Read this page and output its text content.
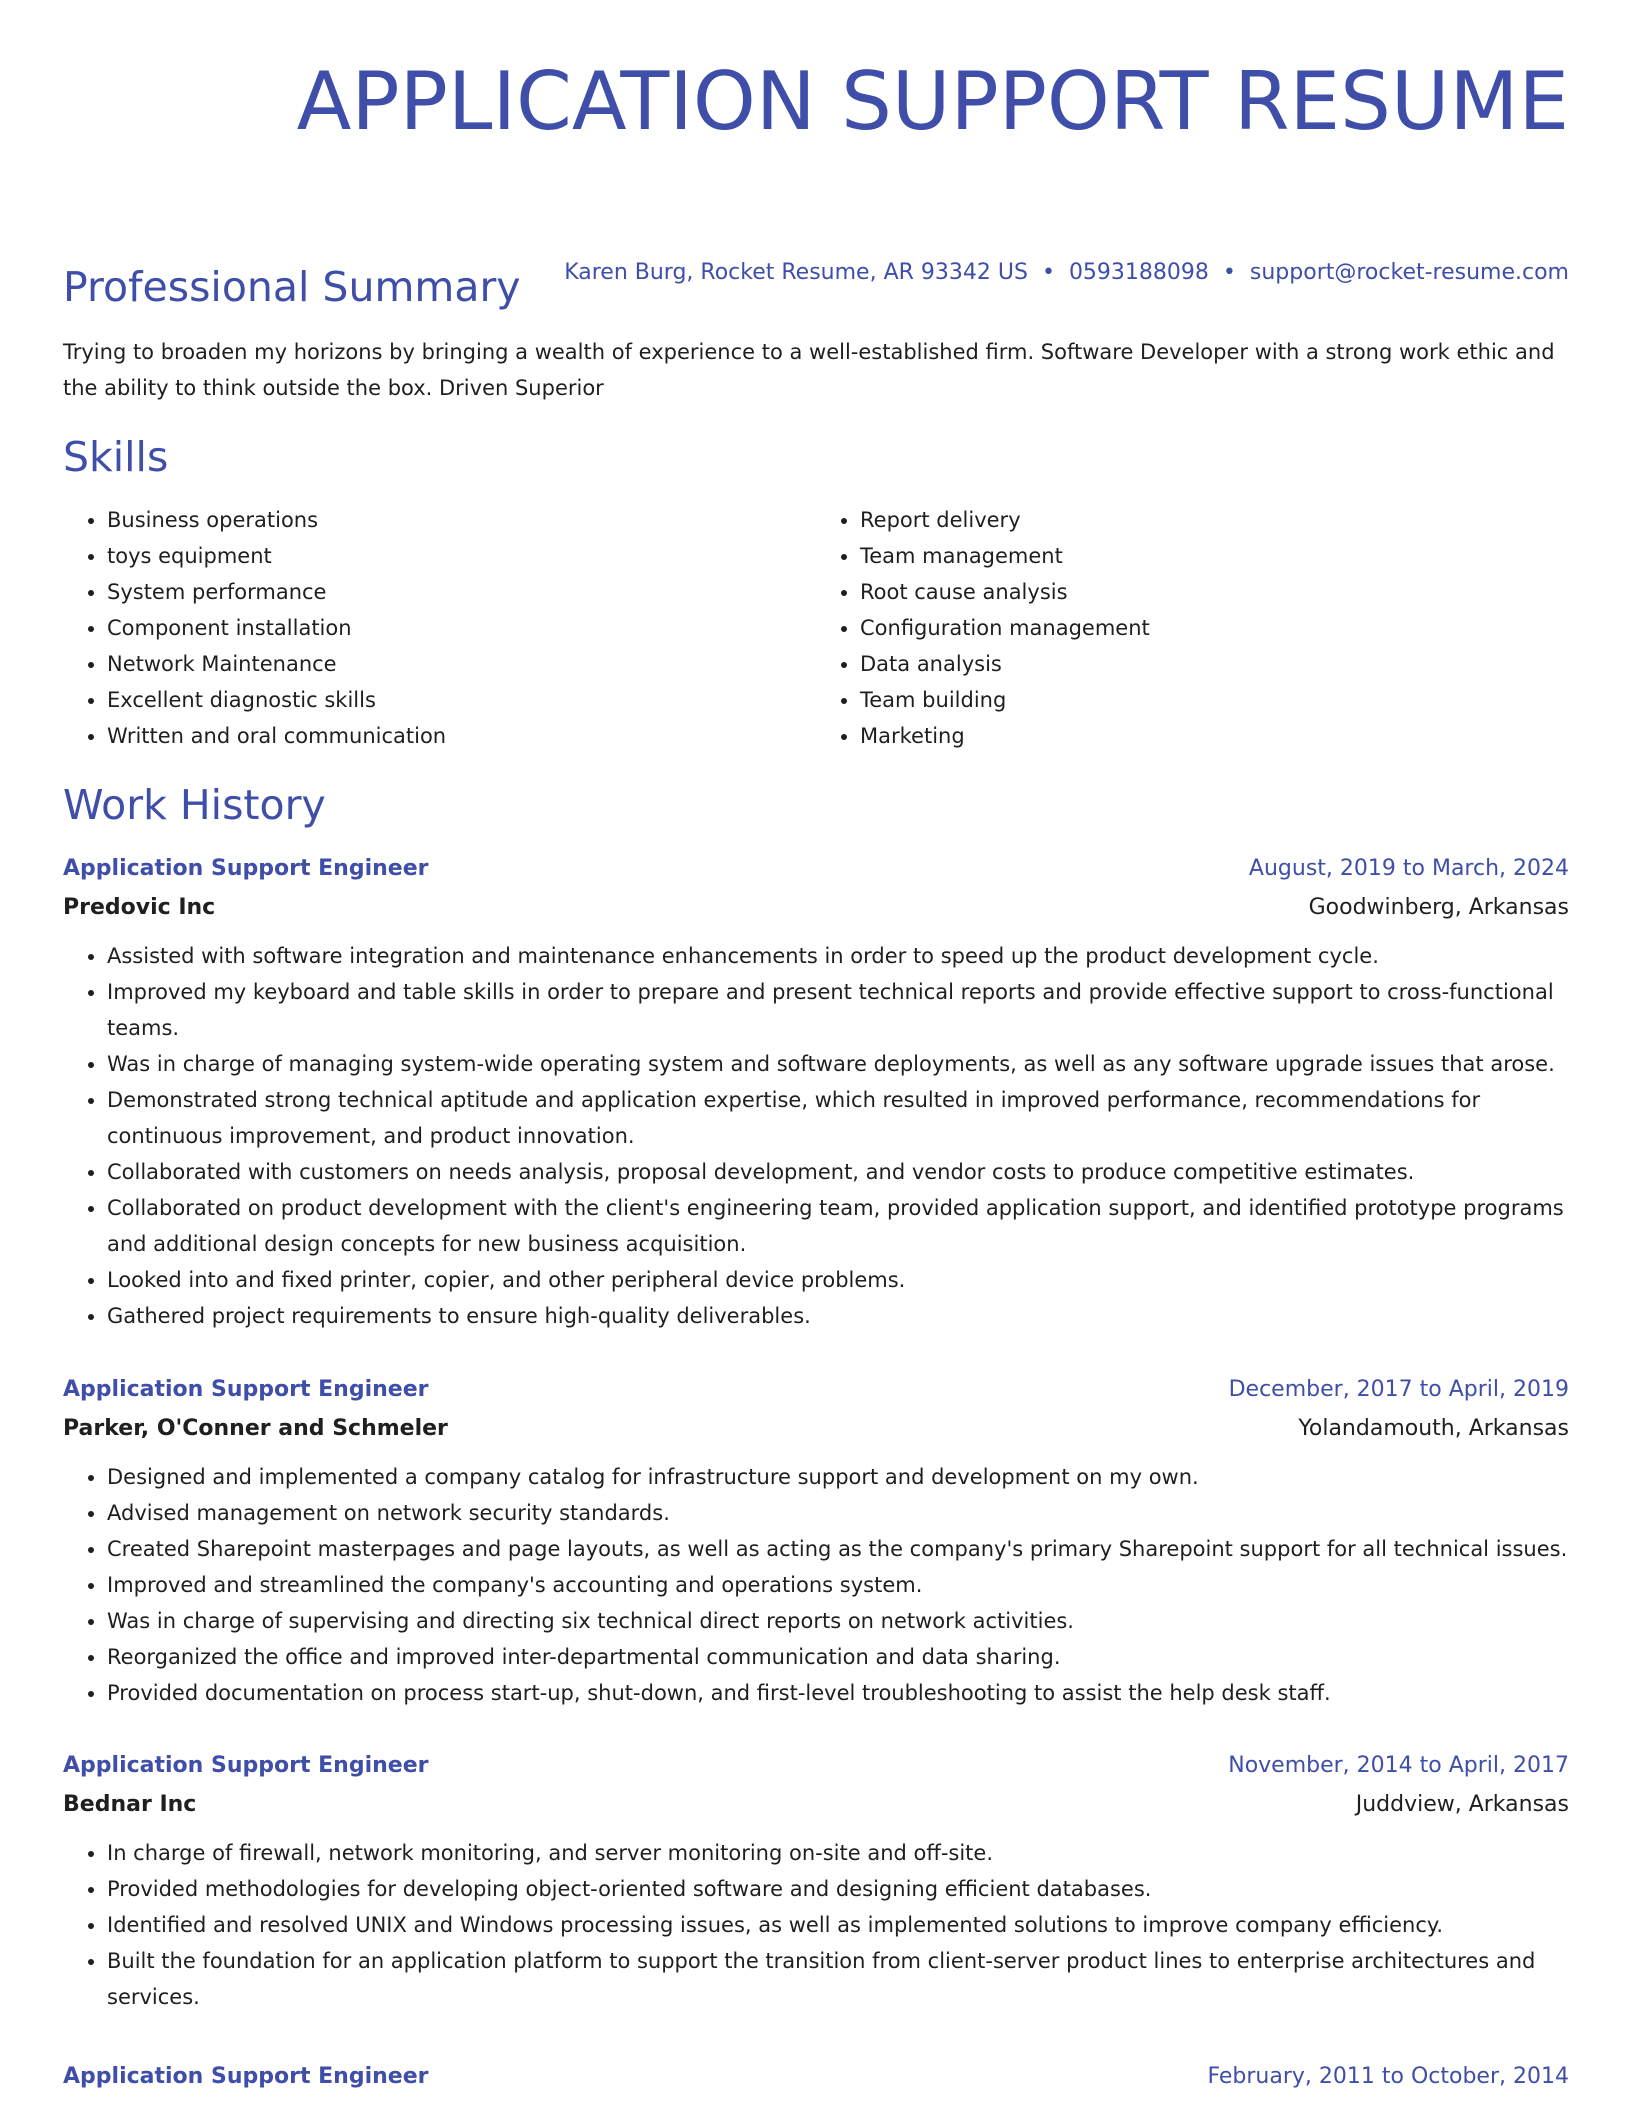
APPLICATION SUPPORT RESUME
Karen Burg, Rocket Resume, AR 93342 US • 0593188098 • support@rocket-resume.com
Professional Summary

Trying to broaden my horizons by bringing a wealth of experience to a well-established firm. Software Developer with a strong work ethic and the ability to think outside the box. Driven Superior

Skills
• Business operations
• toys equipment
• System performance
• Component installation
• Network Maintenance
• Excellent diagnostic skills
• Written and oral communication
• Report delivery
• Team management
• Root cause analysis
• Configuration management
• Data analysis
• Team building
• Marketing
Work History
Application Support Engineer	August, 2019 to March, 2024
Predovic Inc	Goodwinberg, Arkansas
• Assisted with software integration and maintenance enhancements in order to speed up the product development cycle.
• Improved my keyboard and table skills in order to prepare and present technical reports and provide effective support to cross-functional teams.
• Was in charge of managing system-wide operating system and software deployments, as well as any software upgrade issues that arose.
• Demonstrated strong technical aptitude and application expertise, which resulted in improved performance, recommendations for continuous improvement, and product innovation.
• Collaborated with customers on needs analysis, proposal development, and vendor costs to produce competitive estimates.
• Collaborated on product development with the client's engineering team, provided application support, and identified prototype programs and additional design concepts for new business acquisition.
• Looked into and fixed printer, copier, and other peripheral device problems.
• Gathered project requirements to ensure high-quality deliverables.
Application Support Engineer	December, 2017 to April, 2019
Parker, O'Conner and Schmeler	Yolandamouth, Arkansas
• Designed and implemented a company catalog for infrastructure support and development on my own.
• Advised management on network security standards.
• Created Sharepoint masterpages and page layouts, as well as acting as the company's primary Sharepoint support for all technical issues.
• Improved and streamlined the company's accounting and operations system.
• Was in charge of supervising and directing six technical direct reports on network activities.
• Reorganized the office and improved inter-departmental communication and data sharing.
• Provided documentation on process start-up, shut-down, and first-level troubleshooting to assist the help desk staff.
Application Support Engineer	November, 2014 to April, 2017
Bednar Inc	Juddview, Arkansas
• In charge of firewall, network monitoring, and server monitoring on-site and off-site.
• Provided methodologies for developing object-oriented software and designing efficient databases.
• Identified and resolved UNIX and Windows processing issues, as well as implemented solutions to improve company efficiency.
• Built the foundation for an application platform to support the transition from client-server product lines to enterprise architectures and services.
Application Support Engineer	February, 2011 to October, 2014
